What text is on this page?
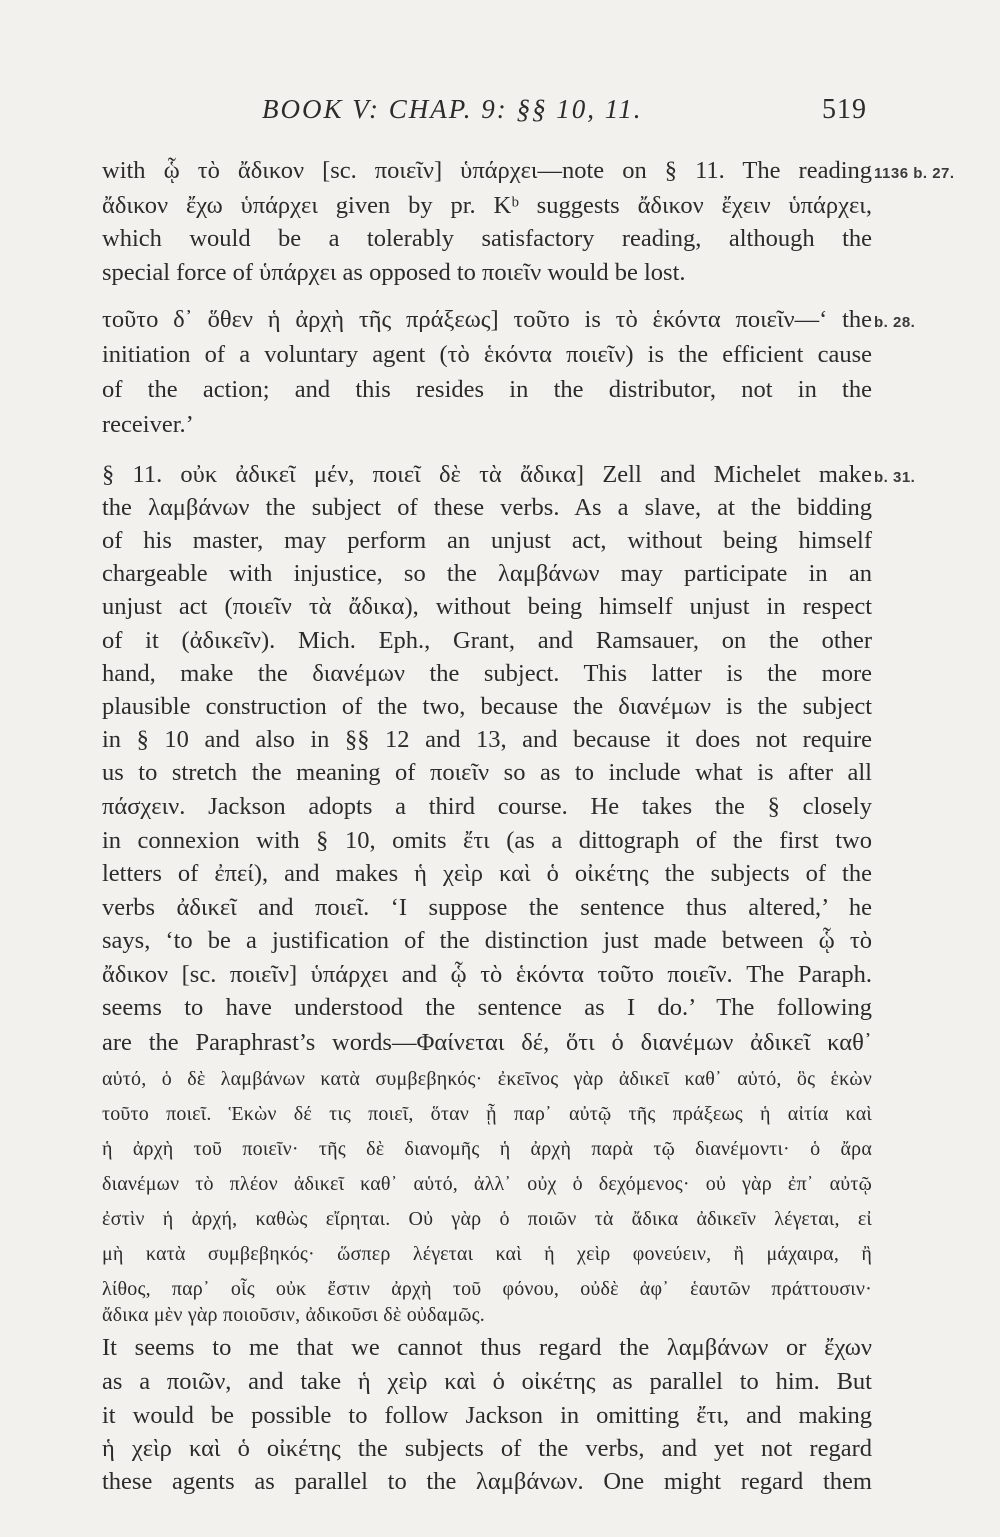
BOOK V: CHAP. 9: §§ 10, 11.	519
with ᾧ τὸ ἄδικον [sc. ποιεῖν] ὑπάρχει—note on § 11. The reading
ἄδικον ἔχω ὑπάρχει given by pr. Kᵇ suggests ἄδικον ἔχειν ὑπάρχει,
which would be a tolerably satisfactory reading, although the
special force of ὑπάρχει as opposed to ποιεῖν would be lost.
τοῦτο δ᾽ ὅθεν ἡ ἀρχὴ τῆς πράξεως] τοῦτο is τὸ ἑκόντα ποιεῖν—‘ the
initiation of a voluntary agent (τὸ ἑκόντα ποιεῖν) is the efficient cause
of the action; and this resides in the distributor, not in the
receiver.’
§ 11. οὐκ ἀδικεῖ μέν, ποιεῖ δὲ τὰ ἄδικα] Zell and Michelet make
the λαμβάνων the subject of these verbs. As a slave, at the bidding
of his master, may perform an unjust act, without being himself
chargeable with injustice, so the λαμβάνων may participate in an
unjust act (ποιεῖν τὰ ἄδικα), without being himself unjust in respect
of it (ἀδικεῖν). Mich. Eph., Grant, and Ramsauer, on the other
hand, make the διανέμων the subject. This latter is the more
plausible construction of the two, because the διανέμων is the subject
in § 10 and also in §§ 12 and 13, and because it does not require
us to stretch the meaning of ποιεῖν so as to include what is after all
πάσχειν. Jackson adopts a third course. He takes the § closely
in connexion with § 10, omits ἔτι (as a dittograph of the first two
letters of ἐπεί), and makes ἡ χεὶρ καὶ ὁ οἰκέτης the subjects of the
verbs ἀδικεῖ and ποιεῖ. ‘I suppose the sentence thus altered,’ he
says, ‘to be a justification of the distinction just made between ᾧ τὸ
ἄδικον [sc. ποιεῖν] ὑπάρχει and ᾧ τὸ ἑκόντα τοῦτο ποιεῖν. The Paraph.
seems to have understood the sentence as I do.’ The following
are the Paraphrast’s words—Φαίνεται δέ, ὅτι ὁ διανέμων ἀδικεῖ καθ᾽
αὑτό, ὁ δὲ λαμβάνων κατὰ συμβεβηκός· ἐκεῖνος γὰρ ἀδικεῖ καθ᾽ αὑτό, ὃς ἑκὼν
τοῦτο ποιεῖ. Ἑκὼν δέ τις ποιεῖ, ὅταν ᾖ παρ᾽ αὐτῷ τῆς πράξεως ἡ αἰτία καὶ
ἡ ἀρχὴ τοῦ ποιεῖν· τῆς δὲ διανομῆς ἡ ἀρχὴ παρὰ τῷ διανέμοντι· ὁ ἄρα
διανέμων τὸ πλέον ἀδικεῖ καθ᾽ αὑτό, ἀλλ᾽ οὐχ ὁ δεχόμενος· οὐ γὰρ ἐπ᾽ αὐτῷ
ἐστὶν ἡ ἀρχή, καθὼς εἴρηται. Οὐ γὰρ ὁ ποιῶν τὰ ἄδικα ἀδικεῖν λέγεται, εἰ
μὴ κατὰ συμβεβηκός· ὥσπερ λέγεται καὶ ἡ χεὶρ φονεύειν, ἢ μάχαιρα, ἢ
λίθος, παρ᾽ οἷς οὐκ ἔστιν ἀρχὴ τοῦ φόνου, οὐδὲ ἀφ᾽ ἑαυτῶν πράττουσιν·
ἄδικα μὲν γὰρ ποιοῦσιν, ἀδικοῦσι δὲ οὐδαμῶς.
It seems to me that we cannot thus regard the λαμβάνων or ἔχων
as a ποιῶν, and take ἡ χεὶρ καὶ ὁ οἰκέτης as parallel to him. But
it would be possible to follow Jackson in omitting ἔτι, and making
ἡ χεὶρ καὶ ὁ οἰκέτης the subjects of the verbs, and yet not regard
these agents as parallel to the λαμβάνων. One might regard them
1136 b. 27.
b. 28.
b. 31.
